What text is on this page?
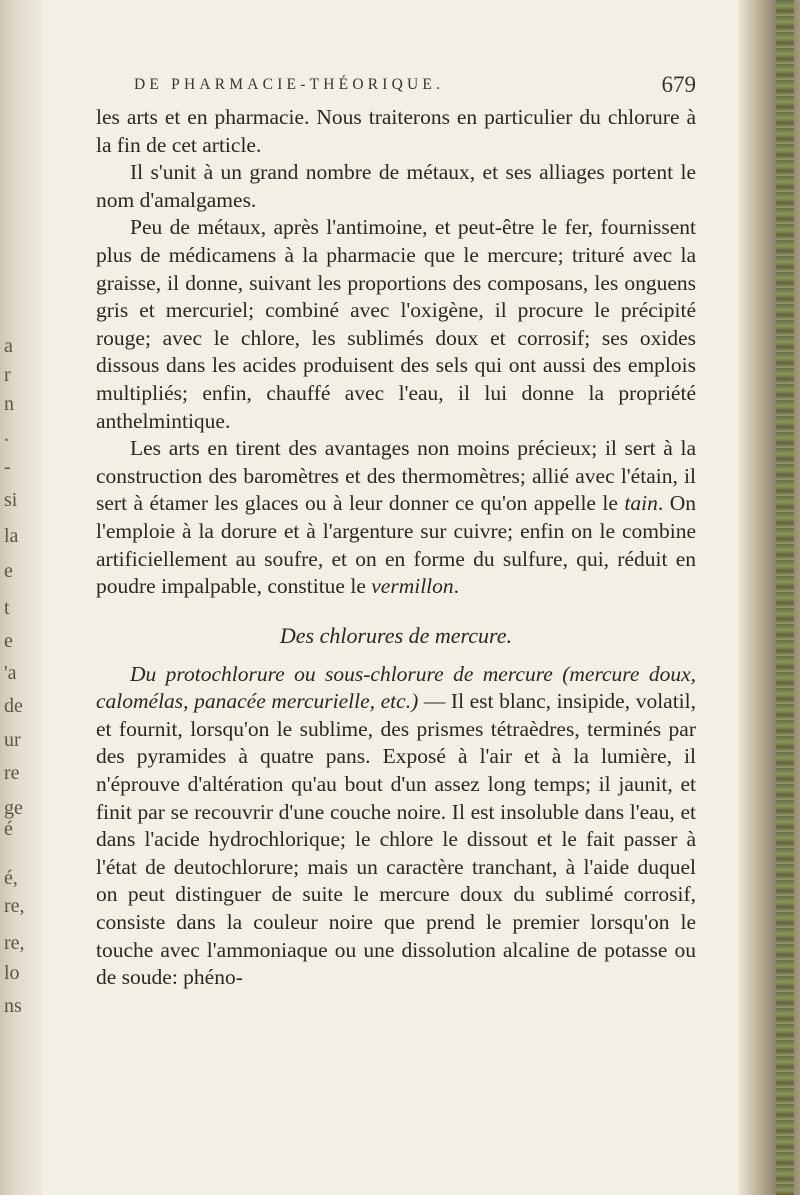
a
r
n
.
-
si
la
e
t
e
'a
de
ur
re
ge
é
é,
re,
re,
lo
ns
DE PHARMACIE-THÉORIQUE.	679

les arts et en pharmacie. Nous traiterons en particulier du chlorure à la fin de cet article.

Il s'unit à un grand nombre de métaux, et ses alliages portent le nom d'amalgames.

Peu de métaux, après l'antimoine, et peut-être le fer, fournissent plus de médicamens à la pharmacie que le mercure; trituré avec la graisse, il donne, suivant les proportions des composans, les onguens gris et mercuriel; combiné avec l'oxigène, il procure le précipité rouge; avec le chlore, les sublimés doux et corrosif; ses oxides dissous dans les acides produisent des sels qui ont aussi des emplois multipliés; enfin, chauffé avec l'eau, il lui donne la propriété anthelmintique.

Les arts en tirent des avantages non moins précieux; il sert à la construction des baromètres et des thermomètres; allié avec l'étain, il sert à étamer les glaces ou à leur donner ce qu'on appelle le tain. On l'emploie à la dorure et à l'argenture sur cuivre; enfin on le combine artificiellement au soufre, et on en forme du sulfure, qui, réduit en poudre impalpable, constitue le vermillon.

Des chlorures de mercure.

Du protochlorure ou sous-chlorure de mercure (mercure doux, calomélas, panacée mercurielle, etc.) — Il est blanc, insipide, volatil, et fournit, lorsqu'on le sublime, des prismes tétraèdres, terminés par des pyramides à quatre pans. Exposé à l'air et à la lumière, il n'éprouve d'altération qu'au bout d'un assez long temps; il jaunit, et finit par se recouvrir d'une couche noire. Il est insoluble dans l'eau, et dans l'acide hydrochlorique; le chlore le dissout et le fait passer à l'état de deutochlorure; mais un caractère tranchant, à l'aide duquel on peut distinguer de suite le mercure doux du sublimé corrosif, consiste dans la couleur noire que prend le premier lorsqu'on le touche avec l'ammoniaque ou une dissolution alcaline de potasse ou de soude: phéno-
